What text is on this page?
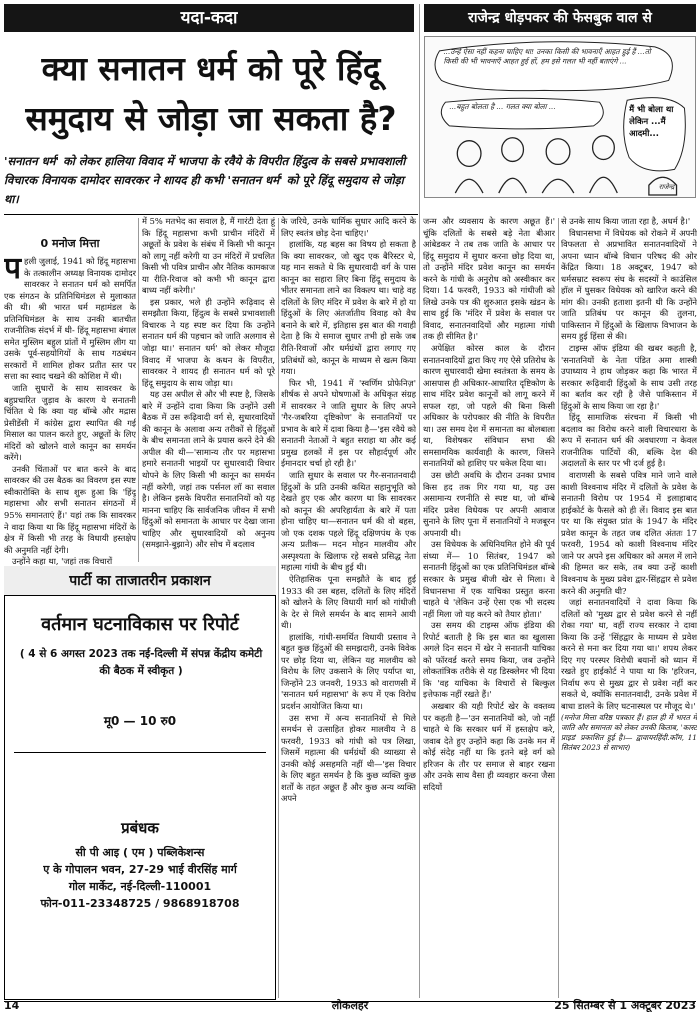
यदा-कदा	राजेन्द्र धोड़पकर की फेसबुक वाल से
क्या सनातन धर्म को पूरे हिंदू समुदाय से जोड़ा जा सकता है?
...उन्हें ऐसा नहीं कहना चाहिए था! उनका किसी की भावनाएँ आहत हुई हैं ...तो किसी की भी भावनाएँ आहत हुई हों, हम इसे गलत भी नहीं बताएंगे ...
...बहुत बोलता है ... गलत क्या बोला ...	मैं भी बोला था लेकिन ...मैं आदमी...
राजेन्द्र
'सनातन धर्म' को लेकर हालिया विवाद में भाजपा के रवैये के विपरीत हिंदुत्व के सबसे प्रभावशाली विचारक विनायक दामोदर सावरकर ने शायद ही कभी 'सनातन धर्म' को पूरे हिंदू समुदाय से जोड़ा था।
0 मनोज मित्ता

पहली जुलाई, 1941 को हिंदू महासभा के तत्कालीन अध्यक्ष विनायक दामोदर सावरकर ने सनातन धर्म को समर्पित एक संगठन के प्रतिनिधिमंडल से मुलाकात की थी। श्री भारत धर्म महामंडल के प्रतिनिधिमंडल के साथ उनकी बातचीत राजनीतिक संदर्भ में थी- हिंदू महासभा बंगाल समेत मुस्लिम बहुल प्रांतों में मुस्लिम लीग या उसके पूर्व-सहयोगियों के साथ गठबंधन सरकारों में शामिल होकर प्रतीत स्तर पर सत्ता का स्वाद चखने की कोशिश में थी।

जाति सुधारों के साथ सावरकर के बहुप्रचारित जुड़ाव के कारण ये सनातनी चिंतित थे कि क्या यह बॉम्बे और मद्रास प्रेसीडेंसी में कांग्रेस द्वारा स्थापित की गई मिसाल का पालन करते हुए, अछूतों के लिए मंदिरों को खोलने वाले कानून का समर्थन करेंगे।

उनकी चिंताओं पर बात करने के बाद सावरकर की उस बैठक का विवरण इस स्पष्ट स्वीकारोक्ति के साथ शुरू हुआ कि 'हिंदू महासभा और सभी सनातन संगठनों में 95% समानताएं हैं।' यहां तक कि सावरकर ने वादा किया था कि हिंदू महासभा मंदिरों के क्षेत्र में किसी भी तरह के विधायी हस्तक्षेप की अनुमति नहीं देगी।

उन्होंने कहा था, 'जहां तक विचारों

में 5% मतभेद का सवाल है, मैं गारंटी देता हूं कि हिंदू महासभा कभी प्राचीन मंदिरों में अछूतों के प्रवेश के संबंध में किसी भी कानून को लागू नहीं करेगी या उन मंदिरों में प्रचलित किसी भी पवित्र प्राचीन और नैतिक कामकाज या रीति-रिवाज को कभी भी कानून द्वारा बाध्य नहीं करेगी।'

इस प्रकार, भले ही उन्होंने रूढ़िवाद से समझौता किया, हिंदुत्व के सबसे प्रभावशाली विचारक ने यह स्पष्ट कर दिया कि उन्होंने सनातन धर्म की पहचान को जाति अलगाव से जोड़ा था।' सनातन धर्म' को लेकर मौजूदा विवाद में भाजपा के कथन के विपरीत, सावरकर ने शायद ही सनातन धर्म को पूरे हिंदू समुदाय के साथ जोड़ा था।

यह उस अपील से और भी स्पष्ट है, जिसके बारे में उन्होंने दावा किया कि उन्होंने उसी बैठक में उस रूढ़िवादी वर्ग से, सुधारवादियों की कानून के अलावा अन्य तरीकों से हिंदुओं के बीच समानता लाने के प्रयास करने देने की अपील की थी—'सामान्य तौर पर महासभा हमारे सनातनी भाइयों पर सुधारवादी विचार थोपने के लिए किसी भी कानून का समर्थन नहीं करेगी, जहां तक पर्सनल लॉ का सवाल है। लेकिन इसके विपरीत सनातनियों को यह मानना चाहिए कि सार्वजनिक जीवन में सभी हिंदुओं को समानता के आधार पर देखा जाना चाहिए और सुधारवादियों को अनुनय (समझाने-बुझाने) और सोच में बदलाव

के जरिये, उनके धार्मिक सुधार आदि करने के लिए स्वतंत्र छोड़ देना चाहिए।'

हालांकि, यह बहस का विषय हो सकता है कि क्या सावरकर, जो खुद एक बैरिस्टर थे, यह मान सकते थे कि सुधारवादी वर्ग के पास कानून का सहारा लिए बिना हिंदू समुदाय के भीतर समानता लाने का विकल्प था। चाहे वह दलितों के लिए मंदिर में प्रवेश के बारे में हो या हिंदुओं के लिए अंतर्जातीय विवाह को वैध बनाने के बारे में, इतिहास इस बात की गवाही देता है कि ये समाज सुधार तभी हो सके जब रीति-रिवाजों और धर्मग्रंथों द्वारा लगाए गए प्रतिबंधों को, कानून के माध्यम से खत्म किया गया।

फिर भी, 1941 में 'स्वर्णिम प्रोफेनिज़' शीर्षक से अपने घोषणाओं के अधिकृत संग्रह में सावरकर ने जाति सुधार के लिए अपने 'गैर-जबरिया दृष्टिकोण' के सनातनियों पर प्रभाव के बारे में दावा किया है—'इस रवैये को सनातनी नेताओं ने बहुत सराहा था और कई प्रमुख हलकों में इस पर सौहार्दपूर्ण और ईमानदार चर्चा हो रही है।'

जाति सुधार के सवाल पर गैर-सनातनवादी हिंदुओं के प्रति उनकी कथित सहानुभूति को देखते हुए एक और कारण था कि सावरकर को कानून की अपरिहार्यता के बारे में पता होना चाहिए था—सनातन धर्म की वो बहस, जो एक दशक पहले हिंदू दक्षिणपंथ के एक अन्य प्रतीक— मदन मोहन मालवीय और अस्पृश्यता के खिलाफ रहे सबसे प्रसिद्ध नेता महात्मा गांधी के बीच हुई थी।

ऐतिहासिक पूना समझौते के बाद हुई 1933 की उस बहस, दलितों के लिए मंदिरों को खोलने के लिए विधायी मार्ग को गांधीजी के देर से मिले समर्थन के बाद सामने आयी थी।

हालांकि, गांधी-समर्थित विधायी प्रस्ताव ने बहुत कुछ हिंदुओं की समझदारी, उनके विवेक पर छोड़ दिया था, लेकिन यह मालवीय को विरोध के लिए उकसाने के लिए पर्याप्त था, जिन्होंने 23 जनवरी, 1933 को वाराणसी में 'सनातन धर्म महासभा' के रूप में एक विरोध प्रदर्शन आयोजित किया था।

उस सभा में अन्य सनातनियों से मिले समर्थन से उत्साहित होकर मालवीय ने 8 फरवरी, 1933 को गांधी को पत्र लिखा, जिसमें महात्मा की धर्मग्रंथों की व्याख्या से उनकी कोई असहमति नहीं थी—'इस विचार के लिए बहुत समर्थन है कि कुछ व्यक्ति कुछ शर्तों के तहत अछूत हैं और कुछ अन्य व्यक्ति अपने

जन्म और व्यवसाय के कारण अछूत हैं।' चूंकि दलितों के सबसे बड़े नेता बीआर आंबेडकर ने तब तक जाति के आधार पर हिंदू समुदाय में सुधार करना छोड़ दिया था, तो उन्होंने मंदिर प्रवेश कानून का समर्थन करने के गांधी के अनुरोध को अस्वीकार कर दिया। 14 फरवरी, 1933 को गांधीजी को लिखे उनके पत्र की शुरुआत इसके खंडन के साथ हुई कि 'मंदिर में प्रवेश के सवाल पर विवाद, सनातनवादियों और महात्मा गांधी तक ही सीमित है।'

अपेक्षित कोरस काल के दौरान सनातनवादियों द्वारा किए गए ऐसे प्रतिरोध के कारण सुधारवादी खेमा स्वतंत्रता के समय के आसपास ही अधिकार-आधारित दृष्टिकोण के साथ मंदिर प्रवेश कानूनों को लागू करने में सफल रहा, जो पहले की बिना किसी अधिकार के परोपकार की नीति के विपरीत था। उस समय देश में समानता का बोलबाला था, विशेषकर संविधान सभा की समसामयिक कार्यवाही के कारण, जिसने सनातनियों को हाशिए पर धकेल दिया था।

उस छोटी अवधि के दौरान उनका प्रभाव किस हद तक गिर गया था, यह उस असामान्य रणनीति से स्पष्ट था, जो बॉम्बे मंदिर प्रवेश विधेयक पर अपनी आवाज सुनाने के लिए पूना में सनातनियों ने मजबूरन अपनायी थी।

उस विधेयक के अधिनियमित होने की पूर्व संध्या में— 10 सितंबर, 1947 को सनातनी हिंदुओं का एक प्रतिनिधिमंडल बॉम्बे सरकार के प्रमुख बीजी खेर से मिला। वे विधानसभा में एक याचिका प्रस्तुत करना चाहते थे 'लेकिन उन्हें ऐसा एक भी सदस्य नहीं मिला जो यह करने को तैयार होता।'

उस समय की टाइम्स ऑफ इंडिया की रिपोर्ट बताती है कि इस बात का खुलासा अगले दिन सदन में खेर ने सनातनी याचिका को फॉरवर्ड करते समय किया, जब उन्होंने लोकतांत्रिक तरीके से यह डिस्क्लेमर भी दिया कि 'वह याचिका के विचारों से बिल्कुल इत्तेफाक नहीं रखते हैं।'

अखबार की यही रिपोर्ट खेर के वक्तव्य पर कहती है—'उन सनातनियों को, जो नहीं चाहते थे कि सरकार धर्म में हस्तक्षेप करे, जवाब देते हुए उन्होंने कहा कि उनके मन में कोई संदेह नहीं था कि इतने बड़े वर्ग को हरिजन के तौर पर समाज से बाहर रखना और उनके साथ वैसा ही व्यवहार करना जैसा सदियों

से उनके साथ किया जाता रहा है, अधर्म है।'

विधानसभा में विधेयक को रोकने में अपनी विफलता से अप्रभावित सनातनवादियों ने अपना ध्यान बॉम्बे विधान परिषद की ओर केंद्रित किया। 18 अक्टूबर, 1947 को धर्मसम्राट स्वरूप संघ के सदस्यों ने काउंसिल हॉल में घुसकर विधेयक को खारिज करने की मांग की। उनकी हताशा इतनी थी कि उन्होंने जाति प्रतिबंध पर कानून की तुलना, पाकिस्तान में हिंदुओं के खिलाफ विभाजन के समय हुई हिंसा से की।

टाइम्स ऑफ इंडिया की खबर कहती है, 'सनातनियों के नेता पंडित अमा शास्त्री उपाध्याय ने हाथ जोड़कर कहा कि भारत में सरकार रूढ़िवादी हिंदुओं के साथ उसी तरह का बर्ताव कर रही है जैसे पाकिस्तान में हिंदुओं के साथ किया जा रहा है।'

हिंदू सामाजिक संरचना में किसी भी बदलाव का विरोध करने वाली विचारधारा के रूप में सनातन धर्म की अवधारणा न केवल राजनीतिक पार्टियों की, बल्कि देश की अदालतों के स्तर पर भी दर्ज हुई है।

वाराणसी के सबसे पवित्र माने जाने वाले काशी विश्वनाथ मंदिर में दलितों के प्रवेश के सनातनी विरोध पर 1954 में इलाहाबाद हाईकोर्ट के फैसले को ही लें। विवाद इस बात पर था कि संयुक्त प्रांत के 1947 के मंदिर प्रवेश कानून के तहत जब दलित अंततः 17 फरवरी, 1954 को काशी विश्वनाथ मंदिर जाने पर अपने इस अधिकार को अमल में लाने की हिम्मत कर सके, तब क्या उन्हें काशी विश्वनाथ के मुख्य प्रवेश द्वार-सिंहद्वार से प्रवेश करने की अनुमति थी?

जहां सनातनवादियों ने दावा किया कि दलितों को 'मुख्य द्वार से प्रवेश करने से नहीं रोका गया' था, वहीं राज्य सरकार ने दावा किया कि उन्हें 'सिंहद्वार के माध्यम से प्रवेश करने से मना कर दिया गया था।' शपथ लेकर दिए गए परस्पर विरोधी बयानों को ध्यान में रखते हुए हाईकोर्ट ने पाया था कि 'हरिजन, निर्वाध रूप से मुख्य द्वार से प्रवेश नहीं कर सकते थे, क्योंकि सनातनवादी, उनके प्रवेश में बाधा डालने के लिए घटनास्थल पर मौजूद थे।'

(मनोज मित्ता वरिष्ठ पत्रकार हैं। हाल ही में भारत में जाति और समानता को लेकर उनकी किताब, 'कास्ट प्राइड' प्रकाशित हुई है।— द्वावायरहिंदी.कॉम, 11 सितंबर 2023 से साभार)

पार्टी का ताजातरीन प्रकाशन
वर्तमान घटनाविकास पर रिपोर्ट
( 4 से 6 अगस्त 2023 तक नई-दिल्ली में संपन्न केंद्रीय कमेटी की बैठक में स्वीकृत )
मू0 — 10 रु0
प्रबंधक
सी पी आइ ( एम ) पब्लिकेशन्स
ए के गोपालन भवन, 27-29 भाई वीरसिंह मार्ग
गोल मार्केट, नई-दिल्ली-110001
फोन-011-23348725 / 9868918708
14	लोकलहर	25 सितम्बर से 1 अक्टूबर 2023
